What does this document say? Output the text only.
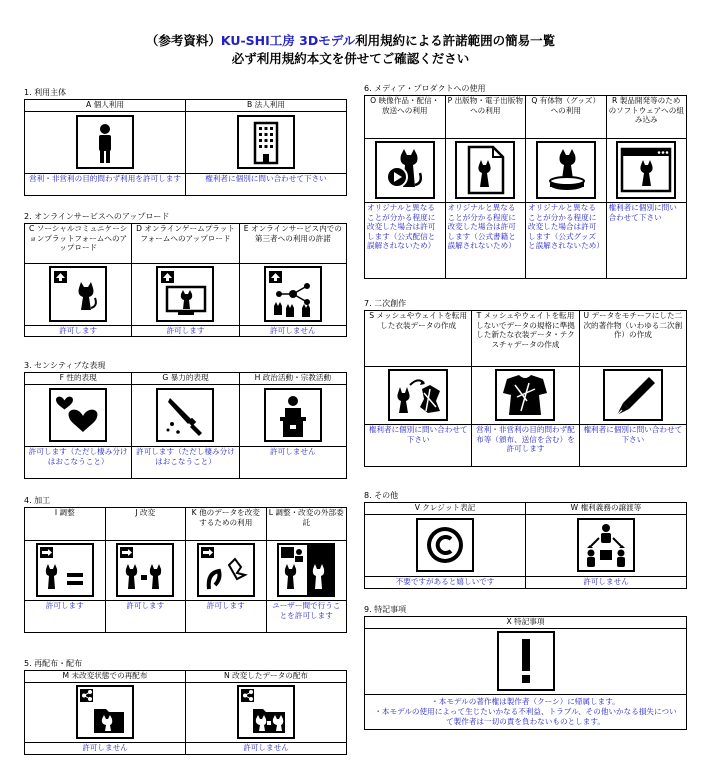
（参考資料）KU-SHI工房 3Dモデル利用規約による許諾範囲の簡易一覧
必ず利用規約本文を併せてご確認ください
1. 利用主体
A 個人利用	B 法人利用

営利・非営利の目的問わず利用を許可します	権利者に個別に問い合わせて下さい
2. オンラインサービスへのアップロード
C ソーシャルコミュニケーションプラットフォームへのアップロード	D オンラインゲームプラットフォームへのアップロード	E オンラインサービス内での第三者への利用の許諾

許可します	許可します	許可しません
3. センシティブな表現
F 性的表現	G 暴力的表現	H 政治活動・宗教活動

許可します（ただし棲み分けはおこなうこと）	許可します（ただし棲み分けはおこなうこと）	許可しません
4. 加工
I 調整	J 改変	K 他のデータを改変するための利用	L 調整・改変の外部委託

許可します	許可します	許可します	ユーザー間で行うことを許可します
5. 再配布・配布
M 未改変状態での再配布	N 改変したデータの配布

許可しません	許可しません
6. メディア・プロダクトへの使用
O 映像作品・配信・放送への利用	P 出版物・電子出版物への利用	Q 有体物（グッズ）への利用	R 製品開発等のためのソフトウェアへの組み込み

オリジナルと異なることが分かる程度に改変した場合は許可します（公式配信と誤解されないため）	オリジナルと異なることが分かる程度に改変した場合は許可します（公式書籍と誤解されないため）	オリジナルと異なることが分かる程度に改変した場合は許可します（公式グッズと誤解されないため）	権利者に個別に問い合わせて下さい
7. 二次創作
S メッシュやウェイトを転用した衣装データの作成	T メッシュやウェイトを転用しないでデータの規格に準拠した新たな衣装データ・テクスチャデータの作成	U データをモチーフにした二次的著作物（いわゆる二次創作）の作成

権利者に個別に問い合わせて下さい	営利・非営利の目的問わず配布等（頒布、送信を含む）を許可します	権利者に個別に問い合わせて下さい
8. その他
V クレジット表記	W 権利義務の譲渡等

不要ですがあると嬉しいです	許可しません
9. 特記事項
X 特記事項

・本モデルの著作権は製作者（クーシ）に帰属します。
・本モデルの使用によって生じたいかなる不利益、トラブル、その他いかなる損失について製作者は一切の責を負わないものとします。
